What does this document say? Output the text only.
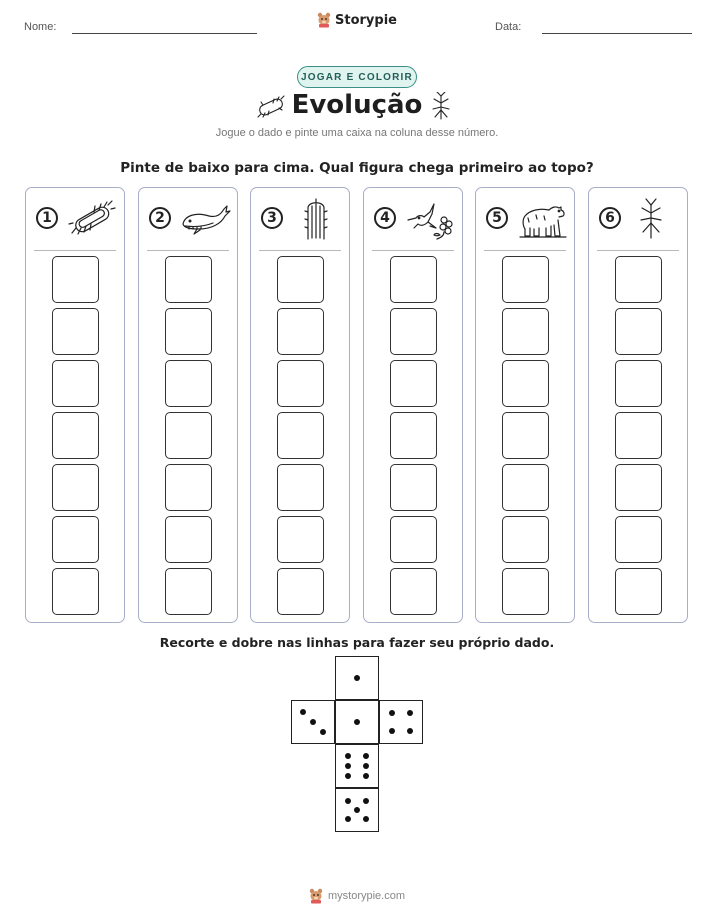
Nome:	Storypie	Data:
JOGAR E COLORIR
Evolução
Jogue o dado e pinte uma caixa na coluna desse número.
Pinte de baixo para cima. Qual figura chega primeiro ao topo?
1	2	3	4	5	6
Recorte e dobre nas linhas para fazer seu próprio dado.
mystorypie.com
